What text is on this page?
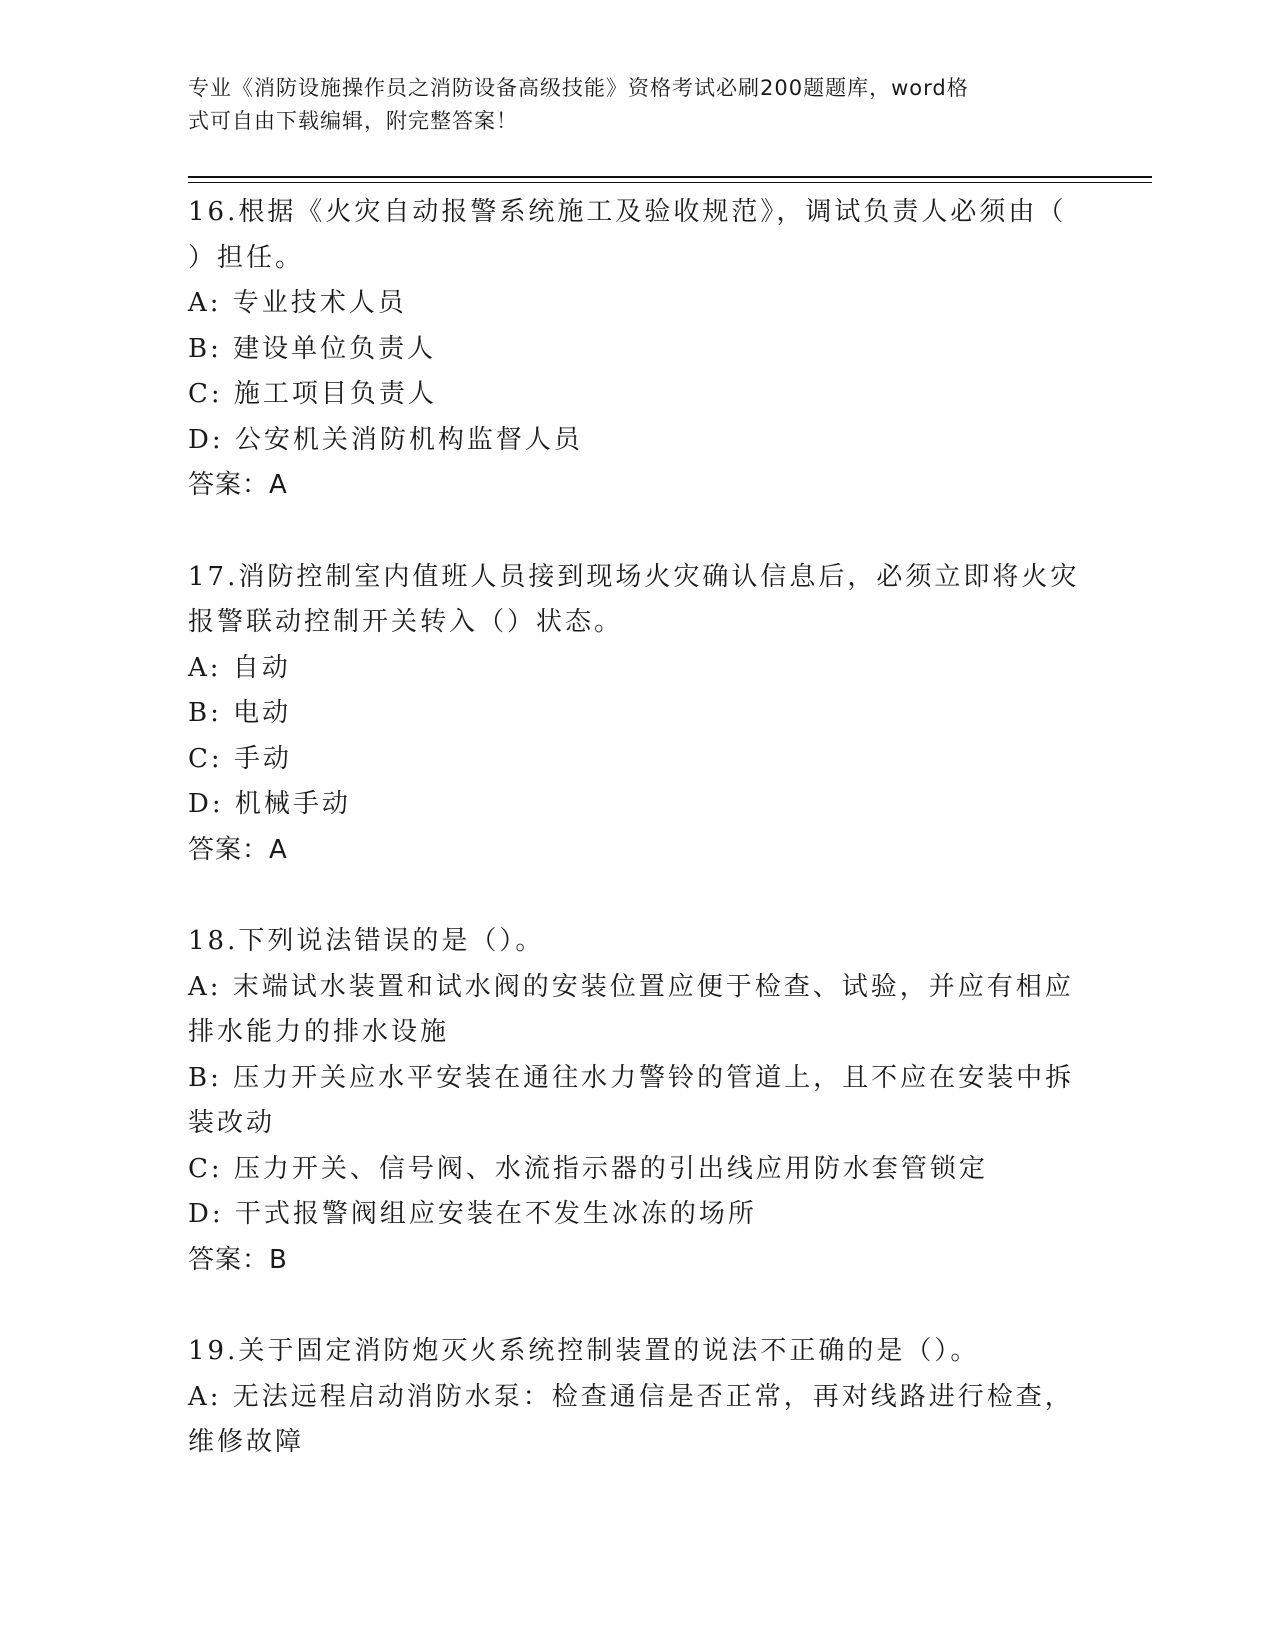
专业《消防设施操作员之消防设备高级技能》资格考试必刷200题题库，word格
式可自由下载编辑，附完整答案！

16.根据《火灾自动报警系统施工及验收规范》，调试负责人必须由（

）担任。

A: 专业技术人员

B: 建设单位负责人

C: 施工项目负责人

D: 公安机关消防机构监督人员

答案：A

17.消防控制室内值班人员接到现场火灾确认信息后，必须立即将火灾

报警联动控制开关转入（）状态。

A: 自动

B: 电动

C: 手动

D: 机械手动

答案：A

18.下列说法错误的是（）。

A: 末端试水装置和试水阀的安装位置应便于检查、试验，并应有相应

排水能力的排水设施

B: 压力开关应水平安装在通往水力警铃的管道上，且不应在安装中拆

装改动

C: 压力开关、信号阀、水流指示器的引出线应用防水套管锁定

D: 干式报警阀组应安装在不发生冰冻的场所

答案：B

19.关于固定消防炮灭火系统控制装置的说法不正确的是（）。

A: 无法远程启动消防水泵：检查通信是否正常，再对线路进行检查，

维修故障
